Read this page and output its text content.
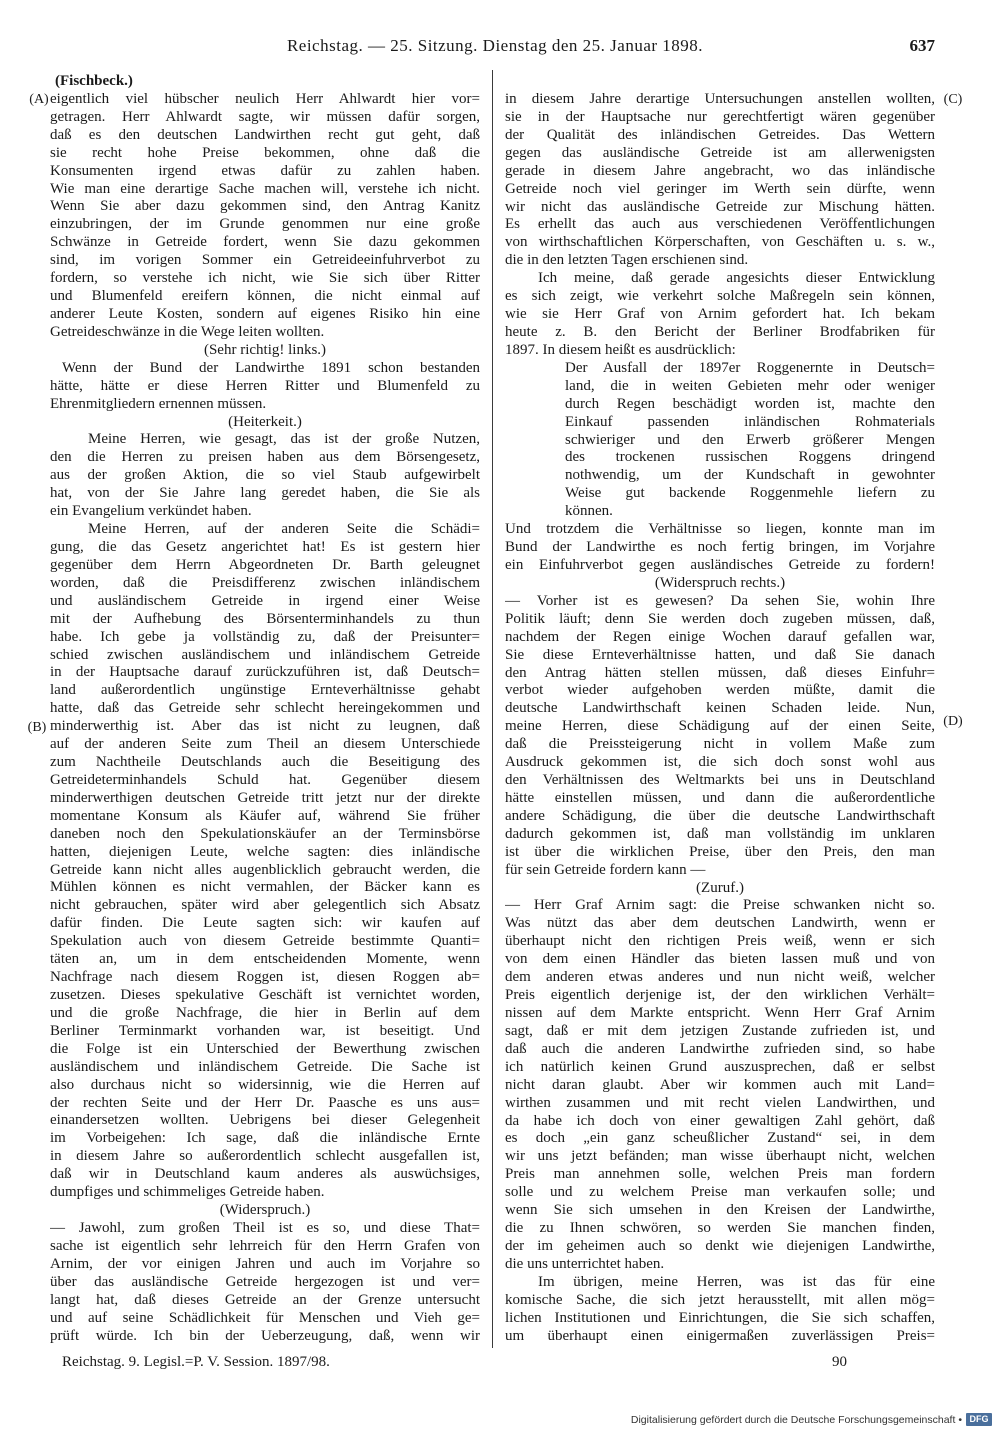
Reichstag. — 25. Sitzung. Dienstag den 25. Januar 1898.	637
(A)
(B)
(C)
(D)
(Fischbeck.)
eigentlich viel hübscher neulich Herr Ahlwardt hier vor=
getragen. Herr Ahlwardt sagte, wir müssen dafür sorgen,
daß es den deutschen Landwirthen recht gut geht, daß
sie recht hohe Preise bekommen, ohne daß die
Konsumenten irgend etwas dafür zu zahlen haben.
Wie man eine derartige Sache machen will, verstehe ich nicht.
Wenn Sie aber dazu gekommen sind, den Antrag Kanitz
einzubringen, der im Grunde genommen nur eine große
Schwänze in Getreide fordert, wenn Sie dazu gekommen
sind, im vorigen Sommer ein Getreideeinfuhrverbot zu
fordern, so verstehe ich nicht, wie Sie sich über Ritter
und Blumenfeld ereifern können, die nicht einmal auf
anderer Leute Kosten, sondern auf eigenes Risiko hin eine
Getreideschwänze in die Wege leiten wollten.
(Sehr richtig! links.)
Wenn der Bund der Landwirthe 1891 schon bestanden
hätte, hätte er diese Herren Ritter und Blumenfeld zu
Ehrenmitgliedern ernennen müssen.
(Heiterkeit.)
Meine Herren, wie gesagt, das ist der große Nutzen,
den die Herren zu preisen haben aus dem Börsengesetz,
aus der großen Aktion, die so viel Staub aufgewirbelt
hat, von der Sie Jahre lang geredet haben, die Sie als
ein Evangelium verkündet haben.
Meine Herren, auf der anderen Seite die Schädi=
gung, die das Gesetz angerichtet hat! Es ist gestern hier
gegenüber dem Herrn Abgeordneten Dr. Barth geleugnet
worden, daß die Preisdifferenz zwischen inländischem
und ausländischem Getreide in irgend einer Weise
mit der Aufhebung des Börsenterminhandels zu thun
habe. Ich gebe ja vollständig zu, daß der Preisunter=
schied zwischen ausländischem und inländischem Getreide
in der Hauptsache darauf zurückzuführen ist, daß Deutsch=
land außerordentlich ungünstige Ernteverhältnisse gehabt
hatte, daß das Getreide sehr schlecht hereingekommen und
minderwerthig ist. Aber das ist nicht zu leugnen, daß
auf der anderen Seite zum Theil an diesem Unterschiede
zum Nachtheile Deutschlands auch die Beseitigung des
Getreideterminhandels Schuld hat. Gegenüber diesem
minderwerthigen deutschen Getreide tritt jetzt nur der direkte
momentane Konsum als Käufer auf, während Sie früher
daneben noch den Spekulationskäufer an der Terminsbörse
hatten, diejenigen Leute, welche sagten: dies inländische
Getreide kann nicht alles augenblicklich gebraucht werden, die
Mühlen können es nicht vermahlen, der Bäcker kann es
nicht gebrauchen, später wird aber gelegentlich sich Absatz
dafür finden. Die Leute sagten sich: wir kaufen auf
Spekulation auch von diesem Getreide bestimmte Quanti=
täten an, um in dem entscheidenden Momente, wenn
Nachfrage nach diesem Roggen ist, diesen Roggen ab=
zusetzen. Dieses spekulative Geschäft ist vernichtet worden,
und die große Nachfrage, die hier in Berlin auf dem
Berliner Terminmarkt vorhanden war, ist beseitigt. Und
die Folge ist ein Unterschied der Bewerthung zwischen
ausländischem und inländischem Getreide. Die Sache ist
also durchaus nicht so widersinnig, wie die Herren auf
der rechten Seite und der Herr Dr. Paasche es uns aus=
einandersetzen wollten. Uebrigens bei dieser Gelegenheit
im Vorbeigehen: Ich sage, daß die inländische Ernte
in diesem Jahre so außerordentlich schlecht ausgefallen ist,
daß wir in Deutschland kaum anderes als auswüchsiges,
dumpfiges und schimmeliges Getreide haben.
(Widerspruch.)
— Jawohl, zum großen Theil ist es so, und diese That=
sache ist eigentlich sehr lehrreich für den Herrn Grafen von
Arnim, der vor einigen Jahren und auch im Vorjahre so
über das ausländische Getreide hergezogen ist und ver=
langt hat, daß dieses Getreide an der Grenze untersucht
und auf seine Schädlichkeit für Menschen und Vieh ge=
prüft würde. Ich bin der Ueberzeugung, daß, wenn wir
in diesem Jahre derartige Untersuchungen anstellen wollten,
sie in der Hauptsache nur gerechtfertigt wären gegenüber
der Qualität des inländischen Getreides. Das Wettern
gegen das ausländische Getreide ist am allerwenigsten
gerade in diesem Jahre angebracht, wo das inländische
Getreide noch viel geringer im Werth sein dürfte, wenn
wir nicht das ausländische Getreide zur Mischung hätten.
Es erhellt das auch aus verschiedenen Veröffentlichungen
von wirthschaftlichen Körperschaften, von Geschäften u. s. w.,
die in den letzten Tagen erschienen sind.
Ich meine, daß gerade angesichts dieser Entwicklung
es sich zeigt, wie verkehrt solche Maßregeln sein können,
wie sie Herr Graf von Arnim gefordert hat. Ich bekam
heute z. B. den Bericht der Berliner Brodfabriken für
1897. In diesem heißt es ausdrücklich:
Der Ausfall der 1897er Roggenernte in Deutsch=
land, die in weiten Gebieten mehr oder weniger
durch Regen beschädigt worden ist, machte den
Einkauf passenden inländischen Rohmaterials
schwieriger und den Erwerb größerer Mengen
des trockenen russischen Roggens dringend
nothwendig, um der Kundschaft in gewohnter
Weise gut backende Roggenmehle liefern zu
können.
Und trotzdem die Verhältnisse so liegen, konnte man im
Bund der Landwirthe es noch fertig bringen, im Vorjahre
ein Einfuhrverbot gegen ausländisches Getreide zu fordern!
(Widerspruch rechts.)
— Vorher ist es gewesen? Da sehen Sie, wohin Ihre
Politik läuft; denn Sie werden doch zugeben müssen, daß,
nachdem der Regen einige Wochen darauf gefallen war,
Sie diese Ernteverhältnisse hatten, und daß Sie danach
den Antrag hätten stellen müssen, daß dieses Einfuhr=
verbot wieder aufgehoben werden müßte, damit die
deutsche Landwirthschaft keinen Schaden leide. Nun,
meine Herren, diese Schädigung auf der einen Seite,
daß die Preissteigerung nicht in vollem Maße zum
Ausdruck gekommen ist, die sich doch sonst wohl aus
den Verhältnissen des Weltmarkts bei uns in Deutschland
hätte einstellen müssen, und dann die außerordentliche
andere Schädigung, die über die deutsche Landwirthschaft
dadurch gekommen ist, daß man vollständig im unklaren
ist über die wirklichen Preise, über den Preis, den man
für sein Getreide fordern kann —
(Zuruf.)
— Herr Graf Arnim sagt: die Preise schwanken nicht so.
Was nützt das aber dem deutschen Landwirth, wenn er
überhaupt nicht den richtigen Preis weiß, wenn er sich
von dem einen Händler das bieten lassen muß und von
dem anderen etwas anderes und nun nicht weiß, welcher
Preis eigentlich derjenige ist, der den wirklichen Verhält=
nissen auf dem Markte entspricht. Wenn Herr Graf Arnim
sagt, daß er mit dem jetzigen Zustande zufrieden ist, und
daß auch die anderen Landwirthe zufrieden sind, so habe
ich natürlich keinen Grund auszusprechen, daß er selbst
nicht daran glaubt. Aber wir kommen auch mit Land=
wirthen zusammen und mit recht vielen Landwirthen, und
da habe ich doch von einer gewaltigen Zahl gehört, daß
es doch „ein ganz scheußlicher Zustand“ sei, in dem
wir uns jetzt befänden; man wisse überhaupt nicht, welchen
Preis man annehmen solle, welchen Preis man fordern
solle und zu welchem Preise man verkaufen solle; und
wenn Sie sich umsehen in den Kreisen der Landwirthe,
die zu Ihnen schwören, so werden Sie manchen finden,
der im geheimen auch so denkt wie diejenigen Landwirthe,
die uns unterrichtet haben.
Im übrigen, meine Herren, was ist das für eine
komische Sache, die sich jetzt herausstellt, mit allen mög=
lichen Institutionen und Einrichtungen, die Sie sich schaffen,
um überhaupt einen einigermaßen zuverlässigen Preis=
Reichstag. 9. Legisl.=P. V. Session. 1897/98.	90
Digitalisierung gefördert durch die Deutsche Forschungsgemeinschaft • DFG
